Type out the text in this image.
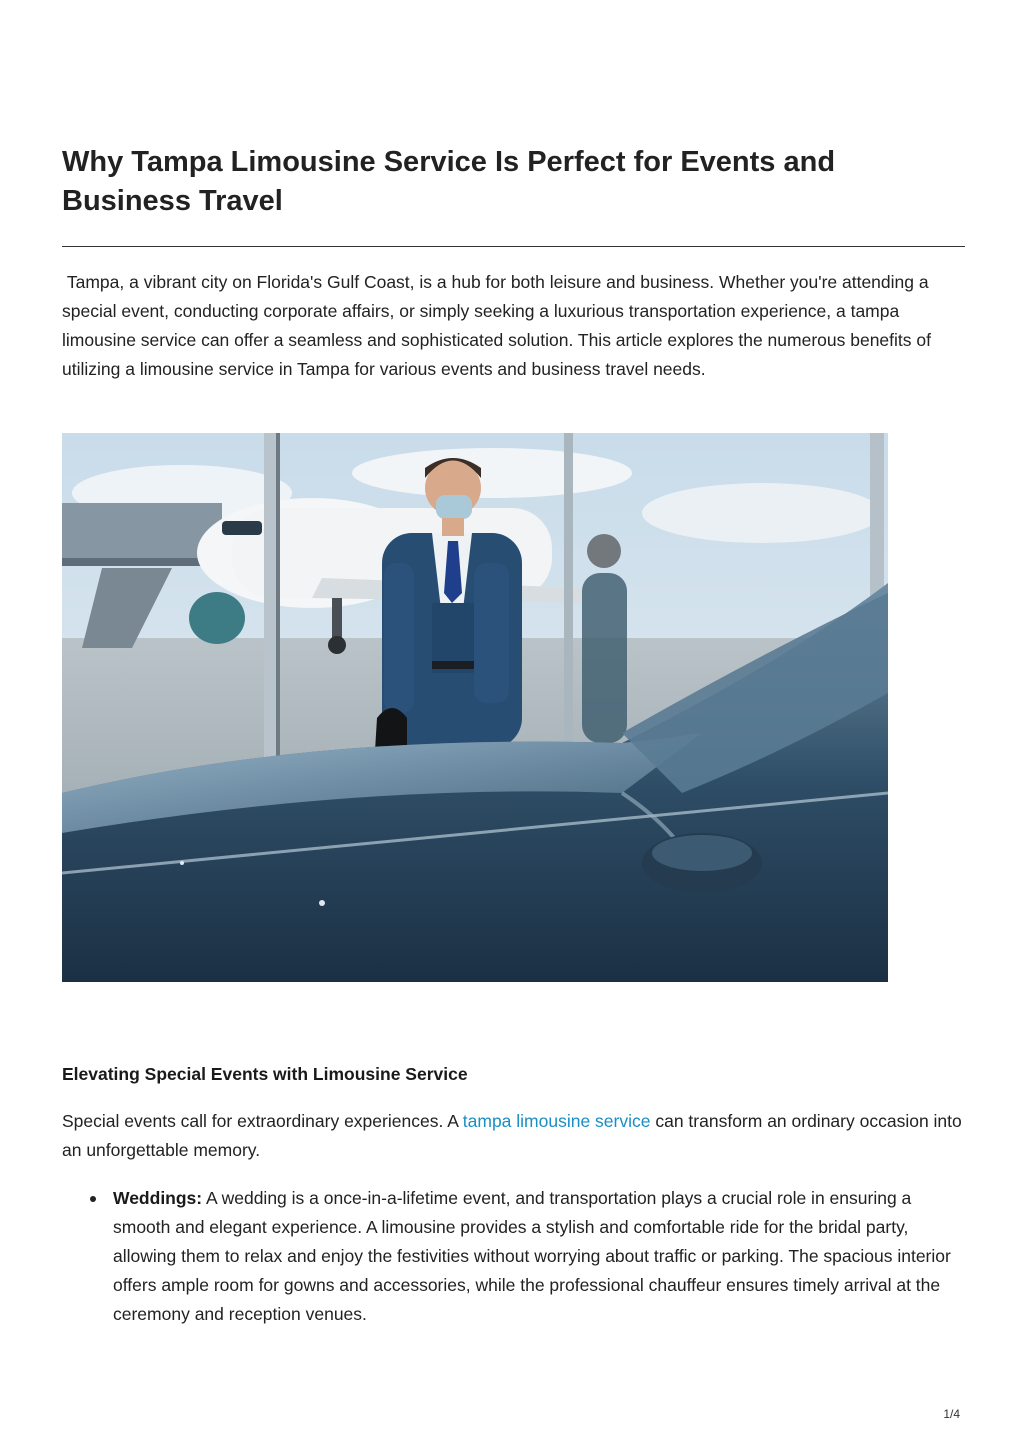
Why Tampa Limousine Service Is Perfect for Events and Business Travel

Tampa, a vibrant city on Florida's Gulf Coast, is a hub for both leisure and business. Whether you're attending a special event, conducting corporate affairs, or simply seeking a luxurious transportation experience, a tampa limousine service can offer a seamless and sophisticated solution. This article explores the numerous benefits of utilizing a limousine service in Tampa for various events and business travel needs.

Elevating Special Events with Limousine Service

Special events call for extraordinary experiences. A tampa limousine service can transform an ordinary occasion into an unforgettable memory.

Weddings: A wedding is a once-in-a-lifetime event, and transportation plays a crucial role in ensuring a smooth and elegant experience. A limousine provides a stylish and comfortable ride for the bridal party, allowing them to relax and enjoy the festivities without worrying about traffic or parking. The spacious interior offers ample room for gowns and accessories, while the professional chauffeur ensures timely arrival at the ceremony and reception venues.
1/4
